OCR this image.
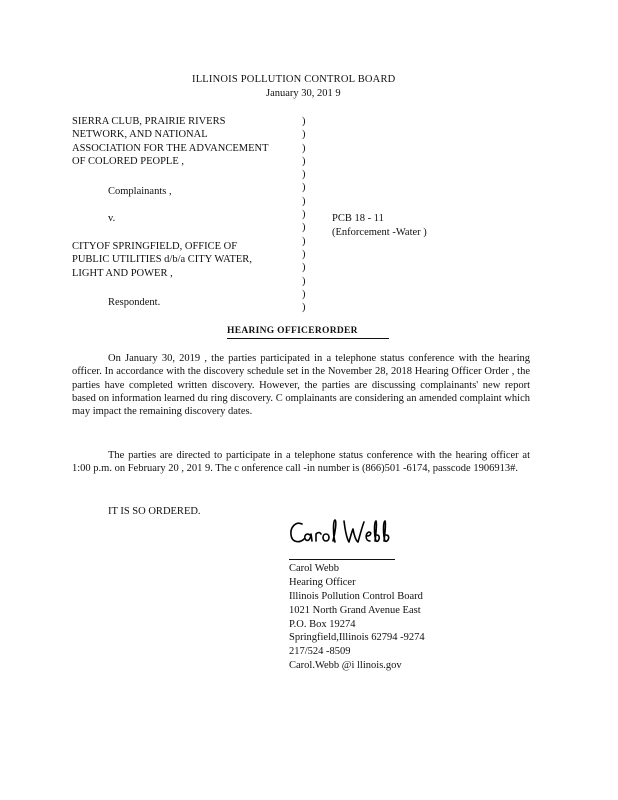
ILLINOIS POLLUTION CONTROL BOARD
January 30, 201 9
SIERRA CLUB, PRAIRIE RIVERS
NETWORK, AND NATIONAL
ASSOCIATION FOR THE ADVANCEMENT
OF COLORED PEOPLE ,
Complainants ,
v.
CITYOF SPRINGFIELD, OFFICE OF
PUBLIC UTILITIES d/b/a CITY WATER,
LIGHT AND POWER ,
Respondent.
)
)
)
)
)
)
)
)
)
)
)
)
)
)
)
PCB 18 - 11
(Enforcement -Water )
HEARING OFFICERORDER

On January 30, 2019 , the parties participated in a telephone status conference with the hearing officer. In accordance with the discovery schedule set in the November 28, 2018 Hearing Officer Order , the parties have completed written discovery. However, the parties are discussing complainants' new report based on information learned du ring discovery. C omplainants are considering an amended complaint which may impact the remaining discovery dates.

The parties are directed to participate in a telephone status conference with the hearing officer at 1:00 p.m. on February 20 , 201 9. The c onference call -in number is (866)501 -6174, passcode 1906913#.

IT IS SO ORDERED.

Carol Webb
Hearing Officer
Illinois Pollution Control Board
1021 North Grand Avenue East
P.O. Box 19274
Springfield,Illinois 62794 -9274
217/524 -8509
Carol.Webb @i llinois.gov
